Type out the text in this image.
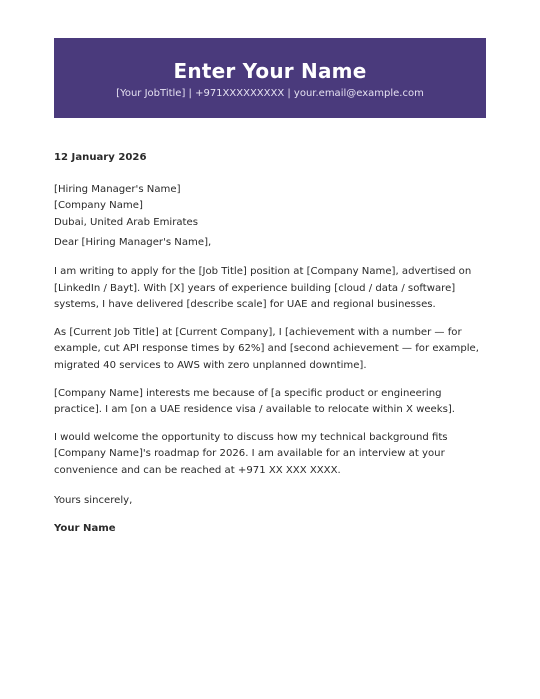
Enter Your Name
[Your JobTitle] | +971XXXXXXXXX | your.email@example.com

12 January 2026

[Hiring Manager's Name]

[Company Name]

Dubai, United Arab Emirates

Dear [Hiring Manager's Name],

I am writing to apply for the [Job Title] position at [Company Name], advertised on [LinkedIn / Bayt]. With [X] years of experience building [cloud / data / software] systems, I have delivered [describe scale] for UAE and regional businesses.

As [Current Job Title] at [Current Company], I [achievement with a number — for example, cut API response times by 62%] and [second achievement — for example, migrated 40 services to AWS with zero unplanned downtime].

[Company Name] interests me because of [a specific product or engineering practice]. I am [on a UAE residence visa / available to relocate within X weeks].

I would welcome the opportunity to discuss how my technical background fits [Company Name]'s roadmap for 2026. I am available for an interview at your convenience and can be reached at +971 XX XXX XXXX.

Yours sincerely,

Your Name
